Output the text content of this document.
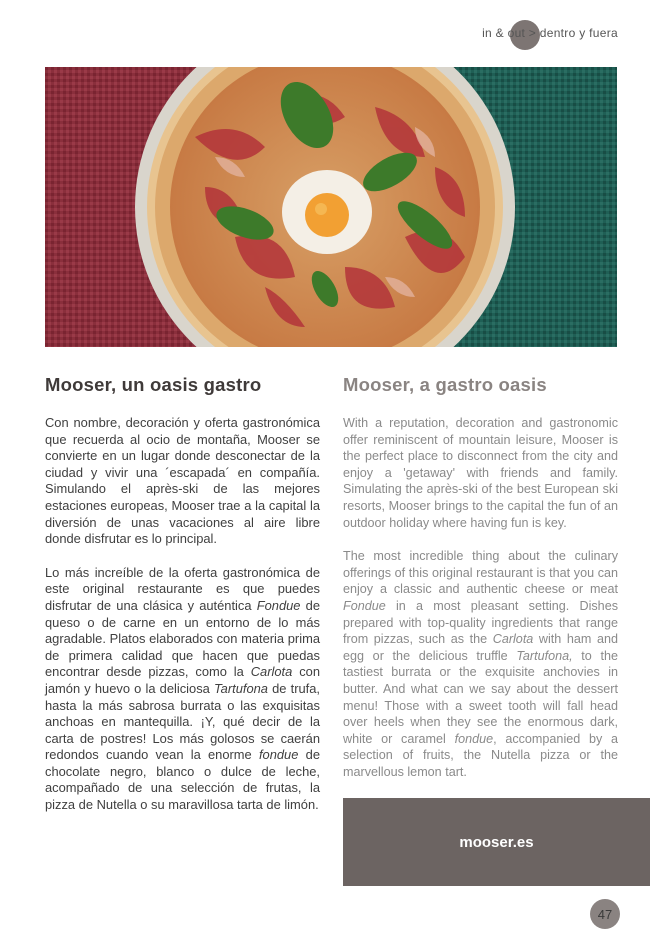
in & out > dentro y fuera
Mooser, un oasis gastro

Con nombre, decoración y oferta gastronómica que recuerda al ocio de montaña, Mooser se convierte en un lugar donde desconectar de la ciudad y vivir una ´escapada´ en compañía. Simulando el après-ski de las mejores estaciones europeas, Mooser trae a la capital la diversión de unas vacaciones al aire libre donde disfrutar es lo principal.

Lo más increíble de la oferta gastronómica de este original restaurante es que puedes disfrutar de una clásica y auténtica Fondue de queso o de carne en un entorno de lo más agradable. Platos elaborados con materia prima de primera calidad que hacen que puedas encontrar desde pizzas, como la Carlota con jamón y huevo o la deliciosa Tartufona de trufa, hasta la más sabrosa burrata o las exquisitas anchoas en mantequilla. ¡Y, qué decir de la carta de postres! Los más golosos se caerán redondos cuando vean la enorme fondue de chocolate negro, blanco o dulce de leche, acompañado de una selección de frutas, la pizza de Nutella o su maravillosa tarta de limón.

Mooser, a gastro oasis

With a reputation, decoration and gastronomic offer reminiscent of mountain leisure, Mooser is the perfect place to disconnect from the city and enjoy a 'getaway' with friends and family. Simulating the après-ski of the best European ski resorts, Mooser brings to the capital the fun of an outdoor holiday where having fun is key.

The most incredible thing about the culinary offerings of this original restaurant is that you can enjoy a classic and authentic cheese or meat Fondue in a most pleasant setting. Dishes prepared with top-quality ingredients that range from pizzas, such as the Carlota with ham and egg or the delicious truffle Tartufona, to the tastiest burrata or the exquisite anchovies in butter. And what can we say about the dessert menu! Those with a sweet tooth will fall head over heels when they see the enormous dark, white or caramel fondue, accompanied by a selection of fruits, the Nutella pizza or the marvellous lemon tart.

mooser.es
47
